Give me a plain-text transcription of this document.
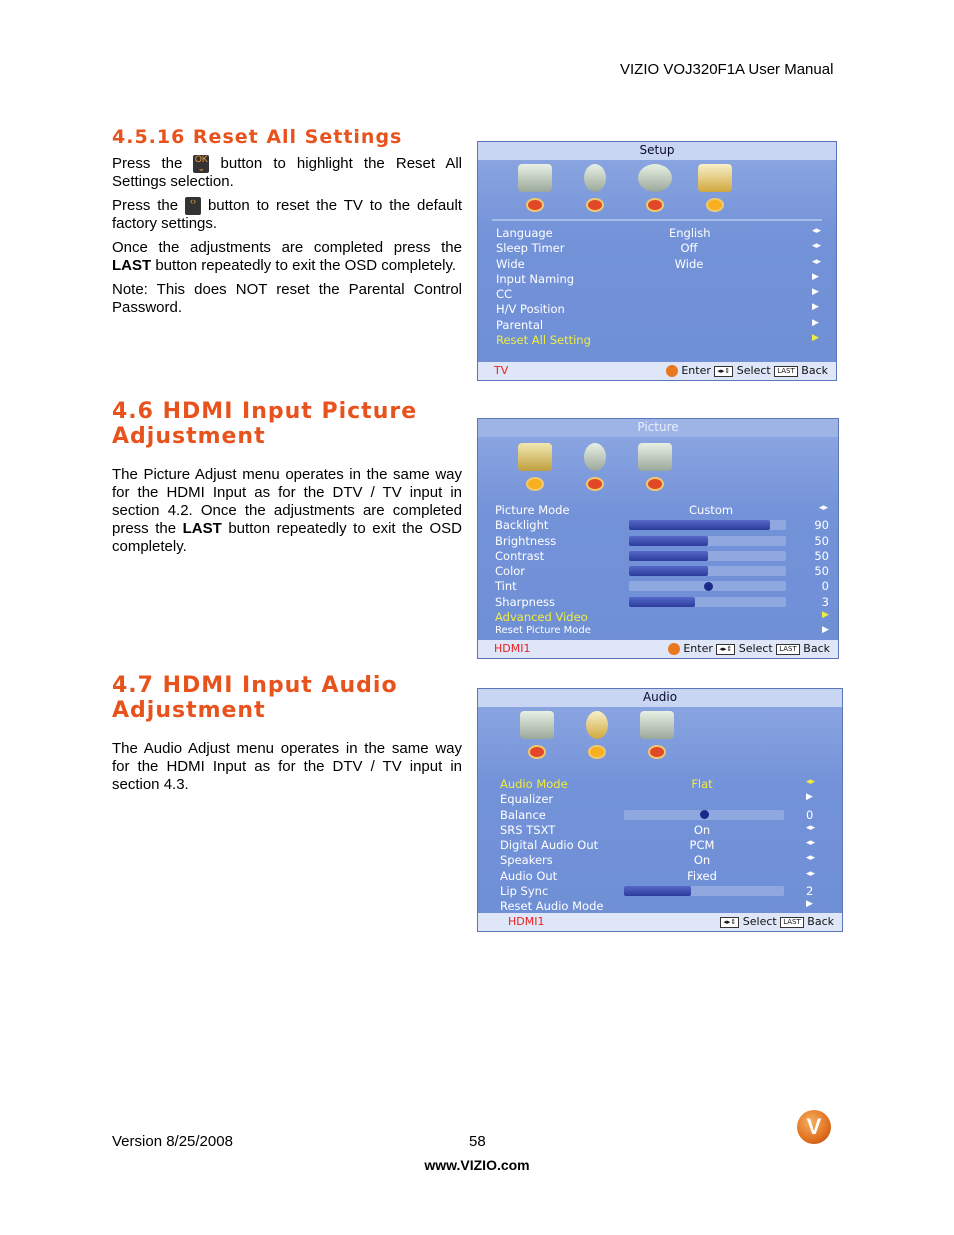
VIZIO VOJ320F1A User Manual
4.5.16 Reset All Settings

Press the OK
⌄ button to highlight the Reset All Settings selection.

Press the ‹› button to reset the TV to the default factory settings.

Once the adjustments are completed press the LAST button repeatedly to exit the OSD completely.

Note: This does NOT reset the Parental Control Password.

Setup
Language	English	◂▸
Sleep Timer	Off	◂▸
Wide	Wide	◂▸
Input Naming	▶
CC	▶
H/V Position	▶
Parental	▶
Reset All Setting	▶
TV	Enter ◂▸⇕ Select LAST Back
4.6 HDMI Input Picture Adjustment

The Picture Adjust menu operates in the same way for the HDMI Input as for the DTV / TV input in section 4.2. Once the adjustments are completed press the LAST button repeatedly to exit the OSD completely.

Picture
Picture Mode	Custom	◂▸
Backlight	90
Brightness	50
Contrast	50
Color	50
Tint	0
Sharpness	3
Advanced Video	▶
Reset Picture Mode	▶
HDMI1	Enter ◂▸⇕ Select LAST Back
4.7 HDMI Input Audio Adjustment

The Audio Adjust menu operates in the same way for the HDMI Input as for the DTV / TV input in section 4.3.

Audio
Audio Mode	Flat	◂▸
Equalizer	▶
Balance	0
SRS TSXT	On	◂▸
Digital Audio Out	PCM	◂▸
Speakers	On	◂▸
Audio Out	Fixed	◂▸
Lip Sync	2
Reset Audio Mode	▶
HDMI1	◂▸⇕ Select LAST Back
Version 8/25/2008	58
www.VIZIO.com
V
